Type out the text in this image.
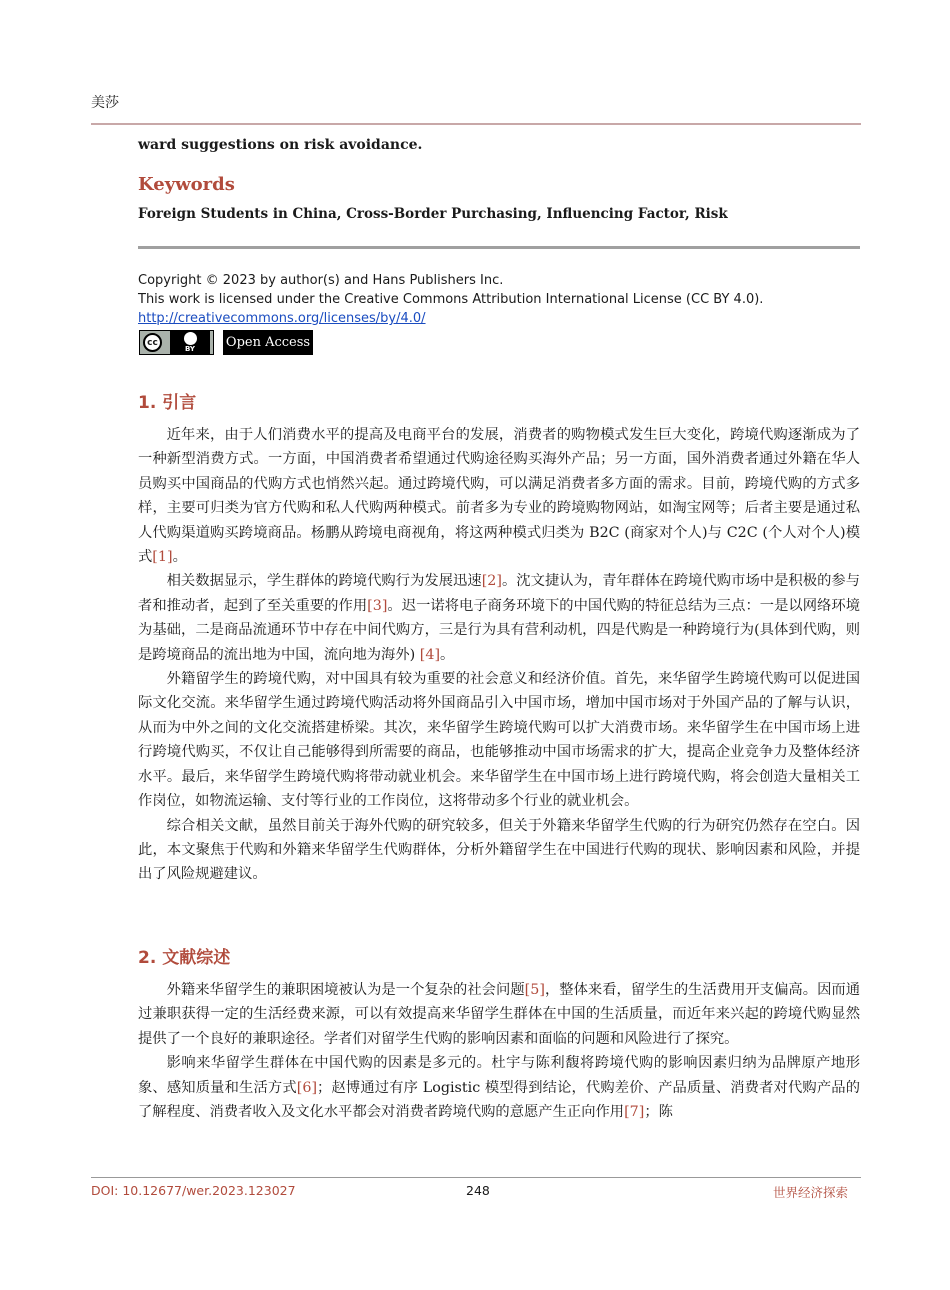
美莎
ward suggestions on risk avoidance.
Keywords
Foreign Students in China, Cross-Border Purchasing, Influencing Factor, Risk
Copyright © 2023 by author(s) and Hans Publishers Inc.
This work is licensed under the Creative Commons Attribution International License (CC BY 4.0).
http://creativecommons.org/licenses/by/4.0/
cc
BY Open Access
1. 引言

近年来，由于人们消费水平的提高及电商平台的发展，消费者的购物模式发生巨大变化，跨境代购逐渐成为了一种新型消费方式。一方面，中国消费者希望通过代购途径购买海外产品；另一方面，国外消费者通过外籍在华人员购买中国商品的代购方式也悄然兴起。通过跨境代购，可以满足消费者多方面的需求。目前，跨境代购的方式多样，主要可归类为官方代购和私人代购两种模式。前者多为专业的跨境购物网站，如淘宝网等；后者主要是通过私人代购渠道购买跨境商品。杨鹏从跨境电商视角，将这两种模式归类为 B2C (商家对个人)与 C2C (个人对个人)模式[1]。

相关数据显示，学生群体的跨境代购行为发展迅速[2]。沈文捷认为，青年群体在跨境代购市场中是积极的参与者和推动者，起到了至关重要的作用[3]。迟一诺将电子商务环境下的中国代购的特征总结为三点：一是以网络环境为基础，二是商品流通环节中存在中间代购方，三是行为具有营利动机，四是代购是一种跨境行为(具体到代购，则是跨境商品的流出地为中国，流向地为海外) [4]。

外籍留学生的跨境代购，对中国具有较为重要的社会意义和经济价值。首先，来华留学生跨境代购可以促进国际文化交流。来华留学生通过跨境代购活动将外国商品引入中国市场，增加中国市场对于外国产品的了解与认识，从而为中外之间的文化交流搭建桥梁。其次，来华留学生跨境代购可以扩大消费市场。来华留学生在中国市场上进行跨境代购买，不仅让自己能够得到所需要的商品，也能够推动中国市场需求的扩大，提高企业竞争力及整体经济水平。最后，来华留学生跨境代购将带动就业机会。来华留学生在中国市场上进行跨境代购，将会创造大量相关工作岗位，如物流运输、支付等行业的工作岗位，这将带动多个行业的就业机会。

综合相关文献，虽然目前关于海外代购的研究较多，但关于外籍来华留学生代购的行为研究仍然存在空白。因此，本文聚焦于代购和外籍来华留学生代购群体，分析外籍留学生在中国进行代购的现状、影响因素和风险，并提出了风险规避建议。

2. 文献综述

外籍来华留学生的兼职困境被认为是一个复杂的社会问题[5]，整体来看，留学生的生活费用开支偏高。因而通过兼职获得一定的生活经费来源，可以有效提高来华留学生群体在中国的生活质量，而近年来兴起的跨境代购显然提供了一个良好的兼职途径。学者们对留学生代购的影响因素和面临的问题和风险进行了探究。

影响来华留学生群体在中国代购的因素是多元的。杜宇与陈利馥将跨境代购的影响因素归纳为品牌原产地形象、感知质量和生活方式[6]；赵博通过有序 Logistic 模型得到结论，代购差价、产品质量、消费者对代购产品的了解程度、消费者收入及文化水平都会对消费者跨境代购的意愿产生正向作用[7]；陈

DOI: 10.12677/wer.2023.123027	248	世界经济探索
